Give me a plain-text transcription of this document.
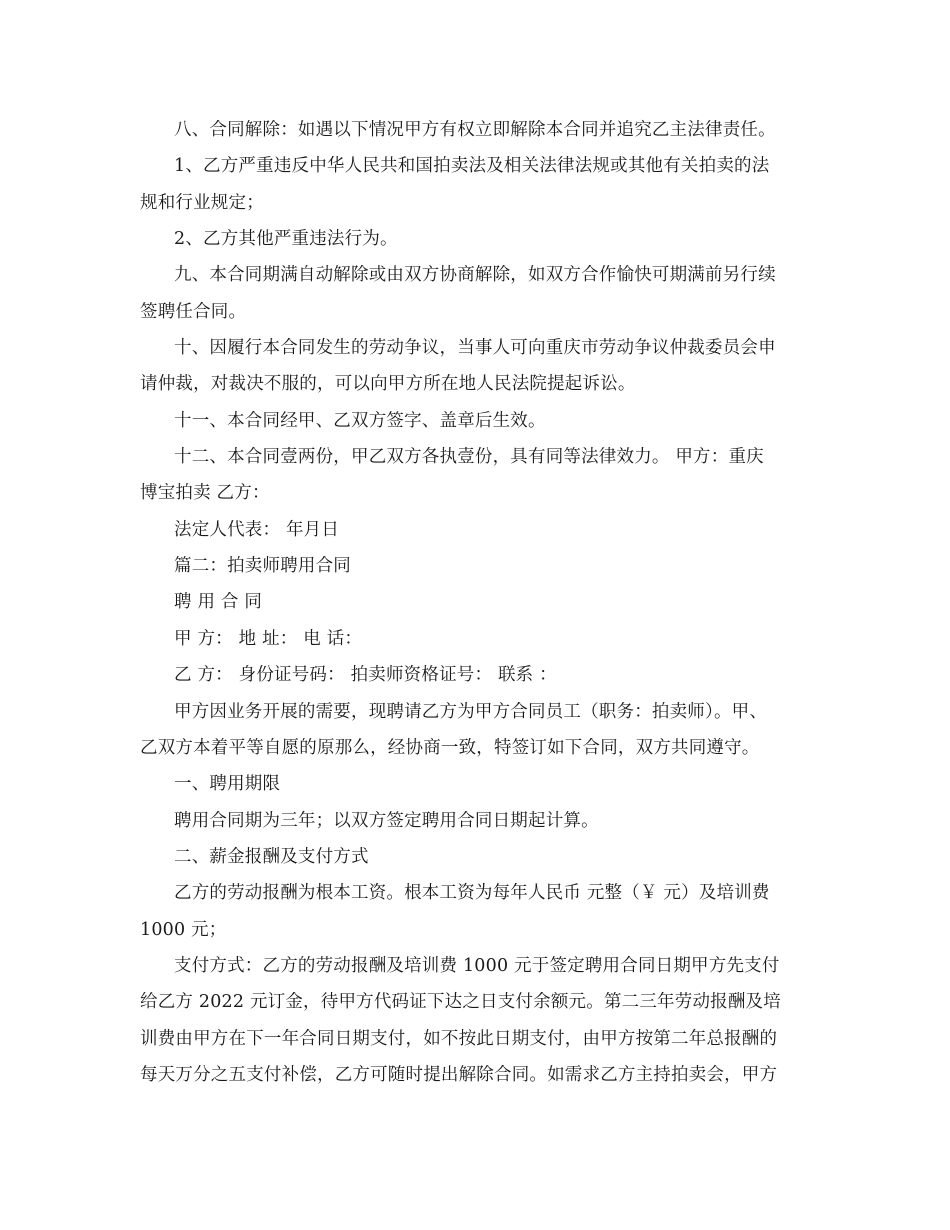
八、合同解除：如遇以下情况甲方有权立即解除本合同并追究乙主法律责任。
1、乙方严重违反中华人民共和国拍卖法及相关法律法规或其他有关拍卖的法
规和行业规定；
2、乙方其他严重违法行为。
九、本合同期满自动解除或由双方协商解除，如双方合作愉快可期满前另行续
签聘任合同。
十、因履行本合同发生的劳动争议，当事人可向重庆市劳动争议仲裁委员会申
请仲裁，对裁决不服的，可以向甲方所在地人民法院提起诉讼。
十一、本合同经甲、乙双方签字、盖章后生效。
十二、本合同壹两份，甲乙双方各执壹份，具有同等法律效力。 甲方：重庆
博宝拍卖 乙方：
法定人代表： 年月日
篇二：拍卖师聘用合同
聘 用 合 同
甲 方： 地 址： 电 话：
乙 方： 身份证号码： 拍卖师资格证号： 联系 ：
甲方因业务开展的需要，现聘请乙方为甲方合同员工（职务：拍卖师）。甲、
乙双方本着平等自愿的原那么，经协商一致，特签订如下合同，双方共同遵守。
一、聘用期限
聘用合同期为三年；以双方签定聘用合同日期起计算。
二、薪金报酬及支付方式
乙方的劳动报酬为根本工资。根本工资为每年人民币 元整（￥ 元）及培训费
1000 元；
支付方式：乙方的劳动报酬及培训费 1000 元于签定聘用合同日期甲方先支付
给乙方 2022 元订金，待甲方代码证下达之日支付余额元。第二三年劳动报酬及培
训费由甲方在下一年合同日期支付，如不按此日期支付，由甲方按第二年总报酬的
每天万分之五支付补偿，乙方可随时提出解除合同。如需求乙方主持拍卖会，甲方
